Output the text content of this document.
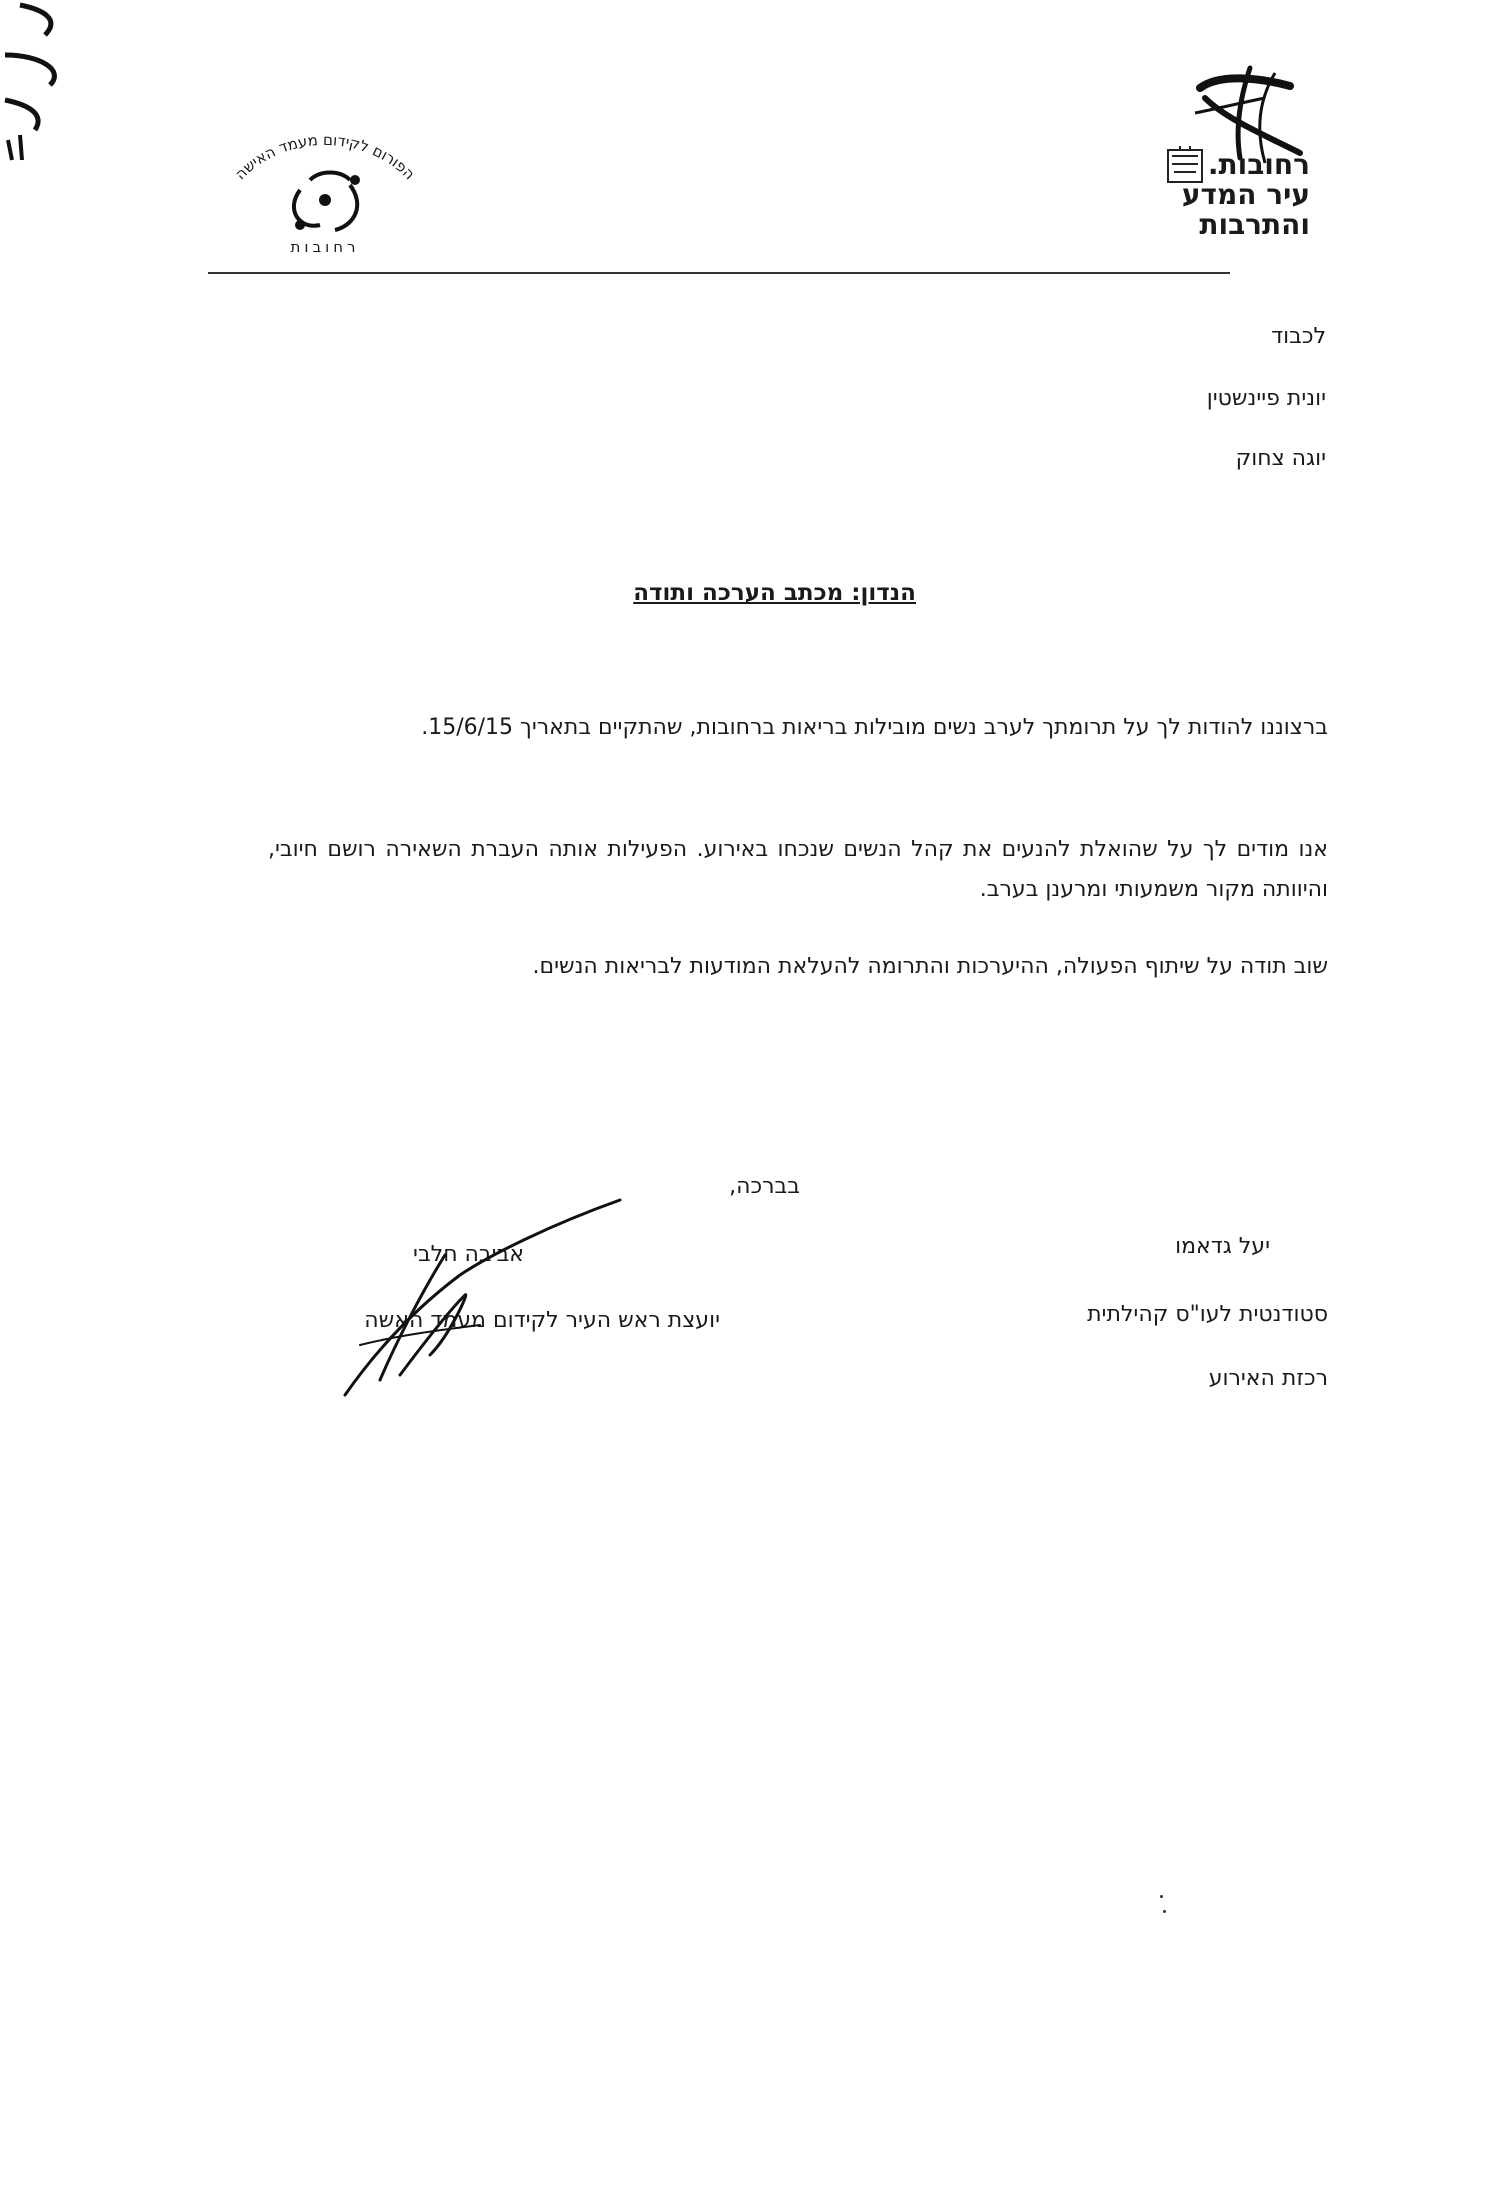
רחובות.
עיר המדע
והתרבות
הפורום לקידום מעמד האישה
רחובות
לכבוד
יונית פיינשטין
יוגה צחוק
הנדון: מכתב הערכה ותודה
ברצוננו להודות לך על תרומתך לערב נשים מובילות בריאות ברחובות, שהתקיים בתאריך 15/6/15.
אנו מודים לך על שהואלת להנעים את קהל הנשים שנכחו באירוע. הפעילות אותה העברת השאירה רושם חיובי, והיוותה מקור משמעותי ומרענן בערב.
שוב תודה על שיתוף הפעולה, ההיערכות והתרומה להעלאת המודעות לבריאות הנשים.
בברכה,
אביבה חלבי
יועצת ראש העיר לקידום מעמד האשה
יעל גדאמו
סטודנטית לעו"ס קהילתית
רכזת האירוע
